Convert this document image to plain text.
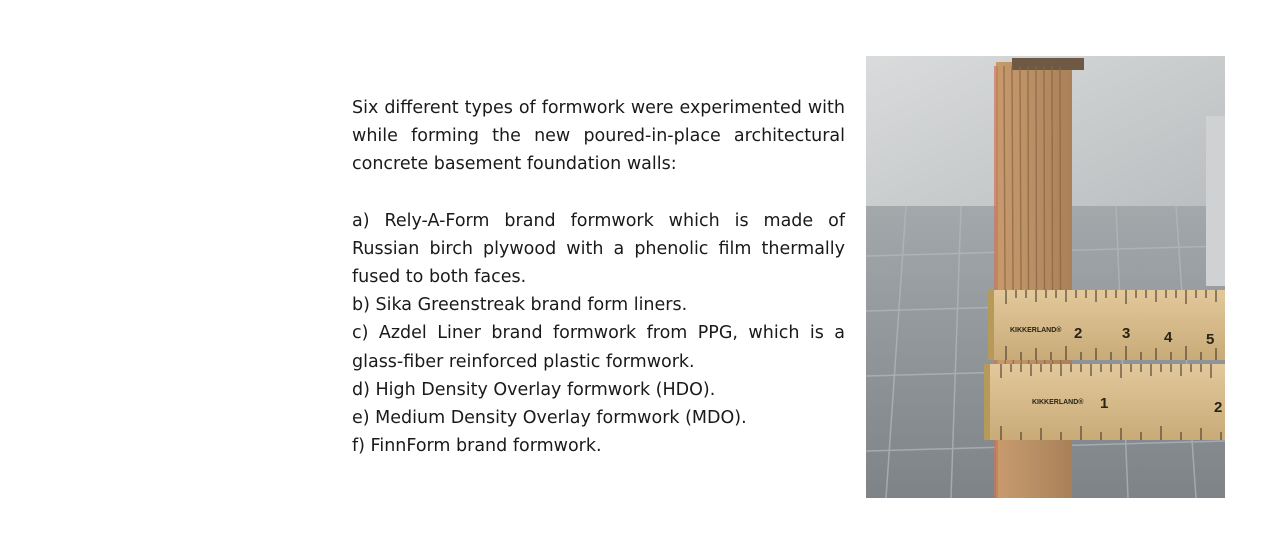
Six different types of formwork were experimented with while forming the new poured-in-place architectural concrete basement foundation walls:

a) Rely-A-Form brand formwork which is made of Russian birch plywood with a phenolic film thermally fused to both faces.

b) Sika Greenstreak brand form liners.

c) Azdel Liner brand formwork from PPG, which is a glass-fiber reinforced plastic formwork.

d) High Density Overlay formwork (HDO).

e) Medium Density Overlay formwork (MDO).

f) FinnForm brand formwork.

KIKKERLAND® 2	3 4 5
KIKKERLAND® 1	2
